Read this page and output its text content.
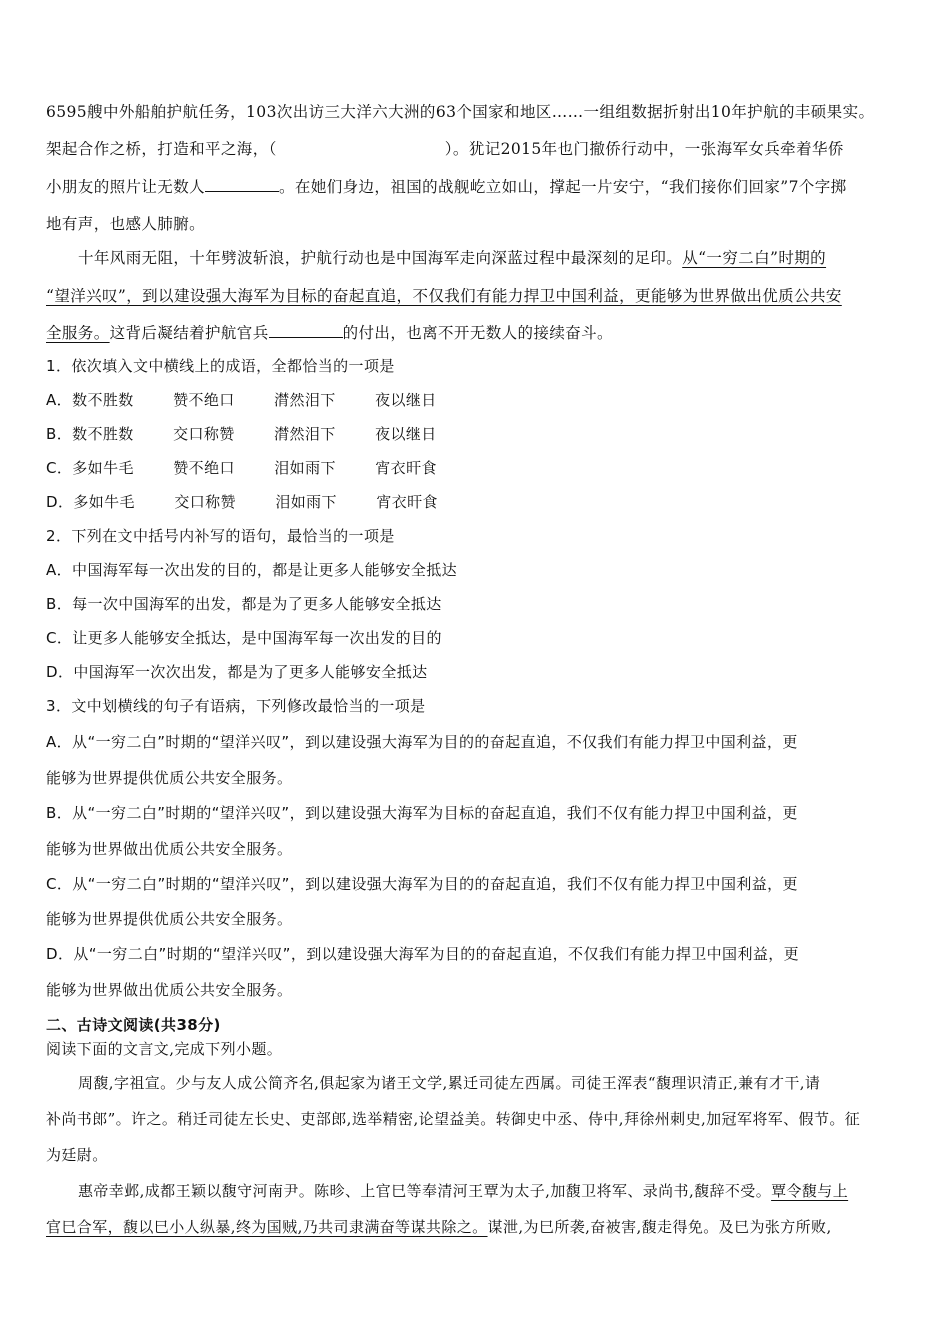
6595艘中外船舶护航任务，103次出访三大洋六大洲的63个国家和地区……一组组数据折射出10年护航的丰硕果实。
架起合作之桥，打造和平之海，（	）。犹记2015年也门撤侨行动中，一张海军女兵牵着华侨
小朋友的照片让无数人	。在她们身边，祖国的战舰屹立如山，撑起一片安宁，“我们接你们回家”7个字掷
地有声，也感人肺腑。
十年风雨无阻，十年劈波斩浪，护航行动也是中国海军走向深蓝过程中最深刻的足印。从“一穷二白”时期的
“望洋兴叹”，到以建设强大海军为目标的奋起直追，不仅我们有能力捍卫中国利益，更能够为世界做出优质公共安
全服务。这背后凝结着护航官兵	的付出，也离不开无数人的接续奋斗。
1．依次填入文中横线上的成语，全都恰当的一项是
A．数不胜数	赞不绝口	潸然泪下	夜以继日
B．数不胜数	交口称赞	潸然泪下	夜以继日
C．多如牛毛	赞不绝口	泪如雨下	宵衣旰食
D．多如牛毛	交口称赞	泪如雨下	宵衣旰食
2．下列在文中括号内补写的语句，最恰当的一项是
A．中国海军每一次出发的目的，都是让更多人能够安全抵达
B．每一次中国海军的出发，都是为了更多人能够安全抵达
C．让更多人能够安全抵达，是中国海军每一次出发的目的
D．中国海军一次次出发，都是为了更多人能够安全抵达
3．文中划横线的句子有语病，下列修改最恰当的一项是
A．从“一穷二白”时期的“望洋兴叹”，到以建设强大海军为目的的奋起直追，不仅我们有能力捍卫中国利益，更
能够为世界提供优质公共安全服务。
B．从“一穷二白”时期的“望洋兴叹”，到以建设强大海军为目标的奋起直追，我们不仅有能力捍卫中国利益，更
能够为世界做出优质公共安全服务。
C．从“一穷二白”时期的“望洋兴叹”，到以建设强大海军为目的的奋起直追，我们不仅有能力捍卫中国利益，更
能够为世界提供优质公共安全服务。
D．从“一穷二白”时期的“望洋兴叹”，到以建设强大海军为目的的奋起直追，不仅我们有能力捍卫中国利益，更
能够为世界做出优质公共安全服务。
二、古诗文阅读(共38分)
阅读下面的文言文,完成下列小题。
周馥,字祖宣。少与友人成公简齐名,俱起家为诸王文学,累迁司徒左西属。司徒王浑表“馥理识清正,兼有才干,请
补尚书郎”。许之。稍迁司徒左长史、吏部郎,选举精密,论望益美。转御史中丞、侍中,拜徐州刺史,加冠军将军、假节。征
为廷尉。
惠帝幸邺,成都王颖以馥守河南尹。陈昣、上官巳等奉清河王覃为太子,加馥卫将军、录尚书,馥辞不受。覃令馥与上
官巳合军，馥以巳小人纵暴,终为国贼,乃共司隶满奋等谋共除之。谋泄,为巳所袭,奋被害,馥走得免。及巳为张方所败,
